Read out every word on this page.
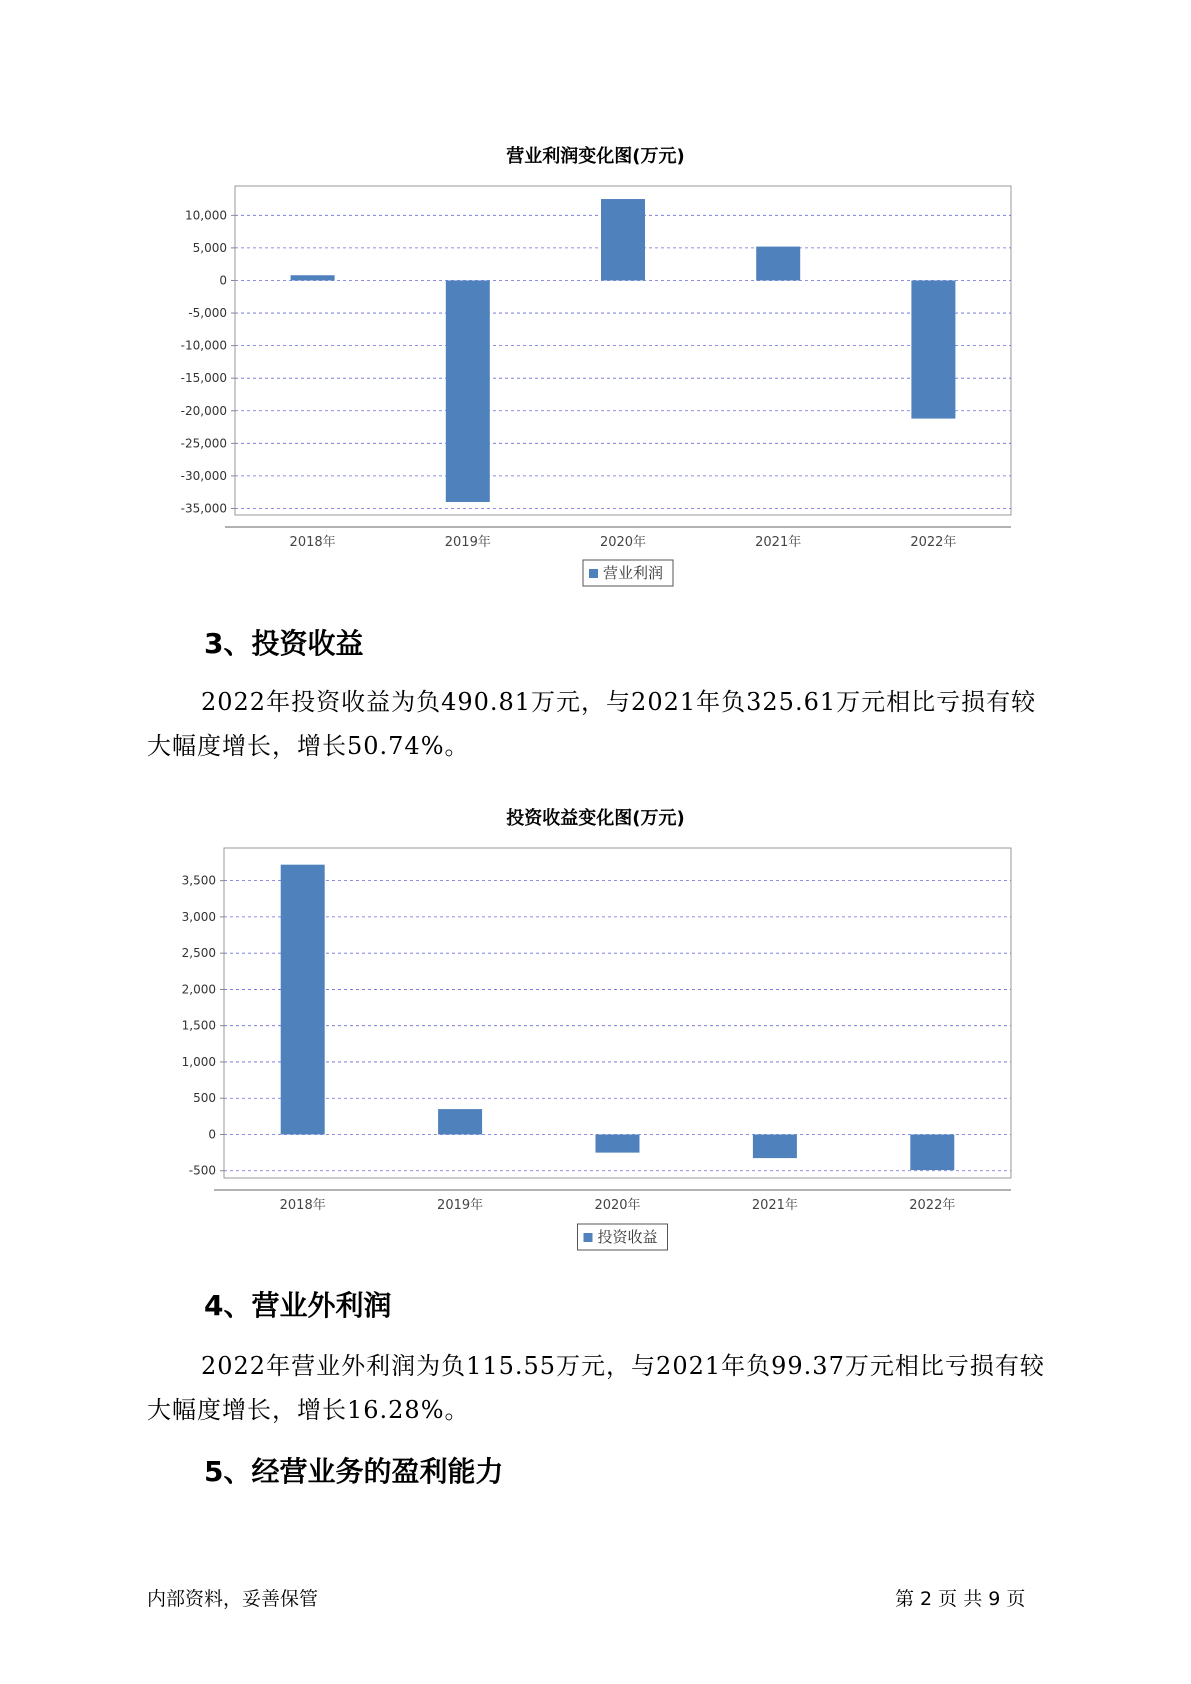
营业利润变化图(万元)
10,000
5,000
0
-5,000
-10,000
-15,000
-20,000
-25,000
-30,000
-35,000
2018年	2019年	2020年	2021年	2022年
营业利润
3、投资收益
2022年投资收益为负490.81万元，与2021年负325.61万元相比亏损有较大幅度增长，增长50.74%。
投资收益变化图(万元)
3,500
3,000
2,500
2,000
1,500
1,000
500
0
-500
2018年	2019年	2020年	2021年	2022年
投资收益
4、营业外利润
2022年营业外利润为负115.55万元，与2021年负99.37万元相比亏损有较大幅度增长，增长16.28%。
5、经营业务的盈利能力
内部资料，妥善保管	第 2 页 共 9 页
